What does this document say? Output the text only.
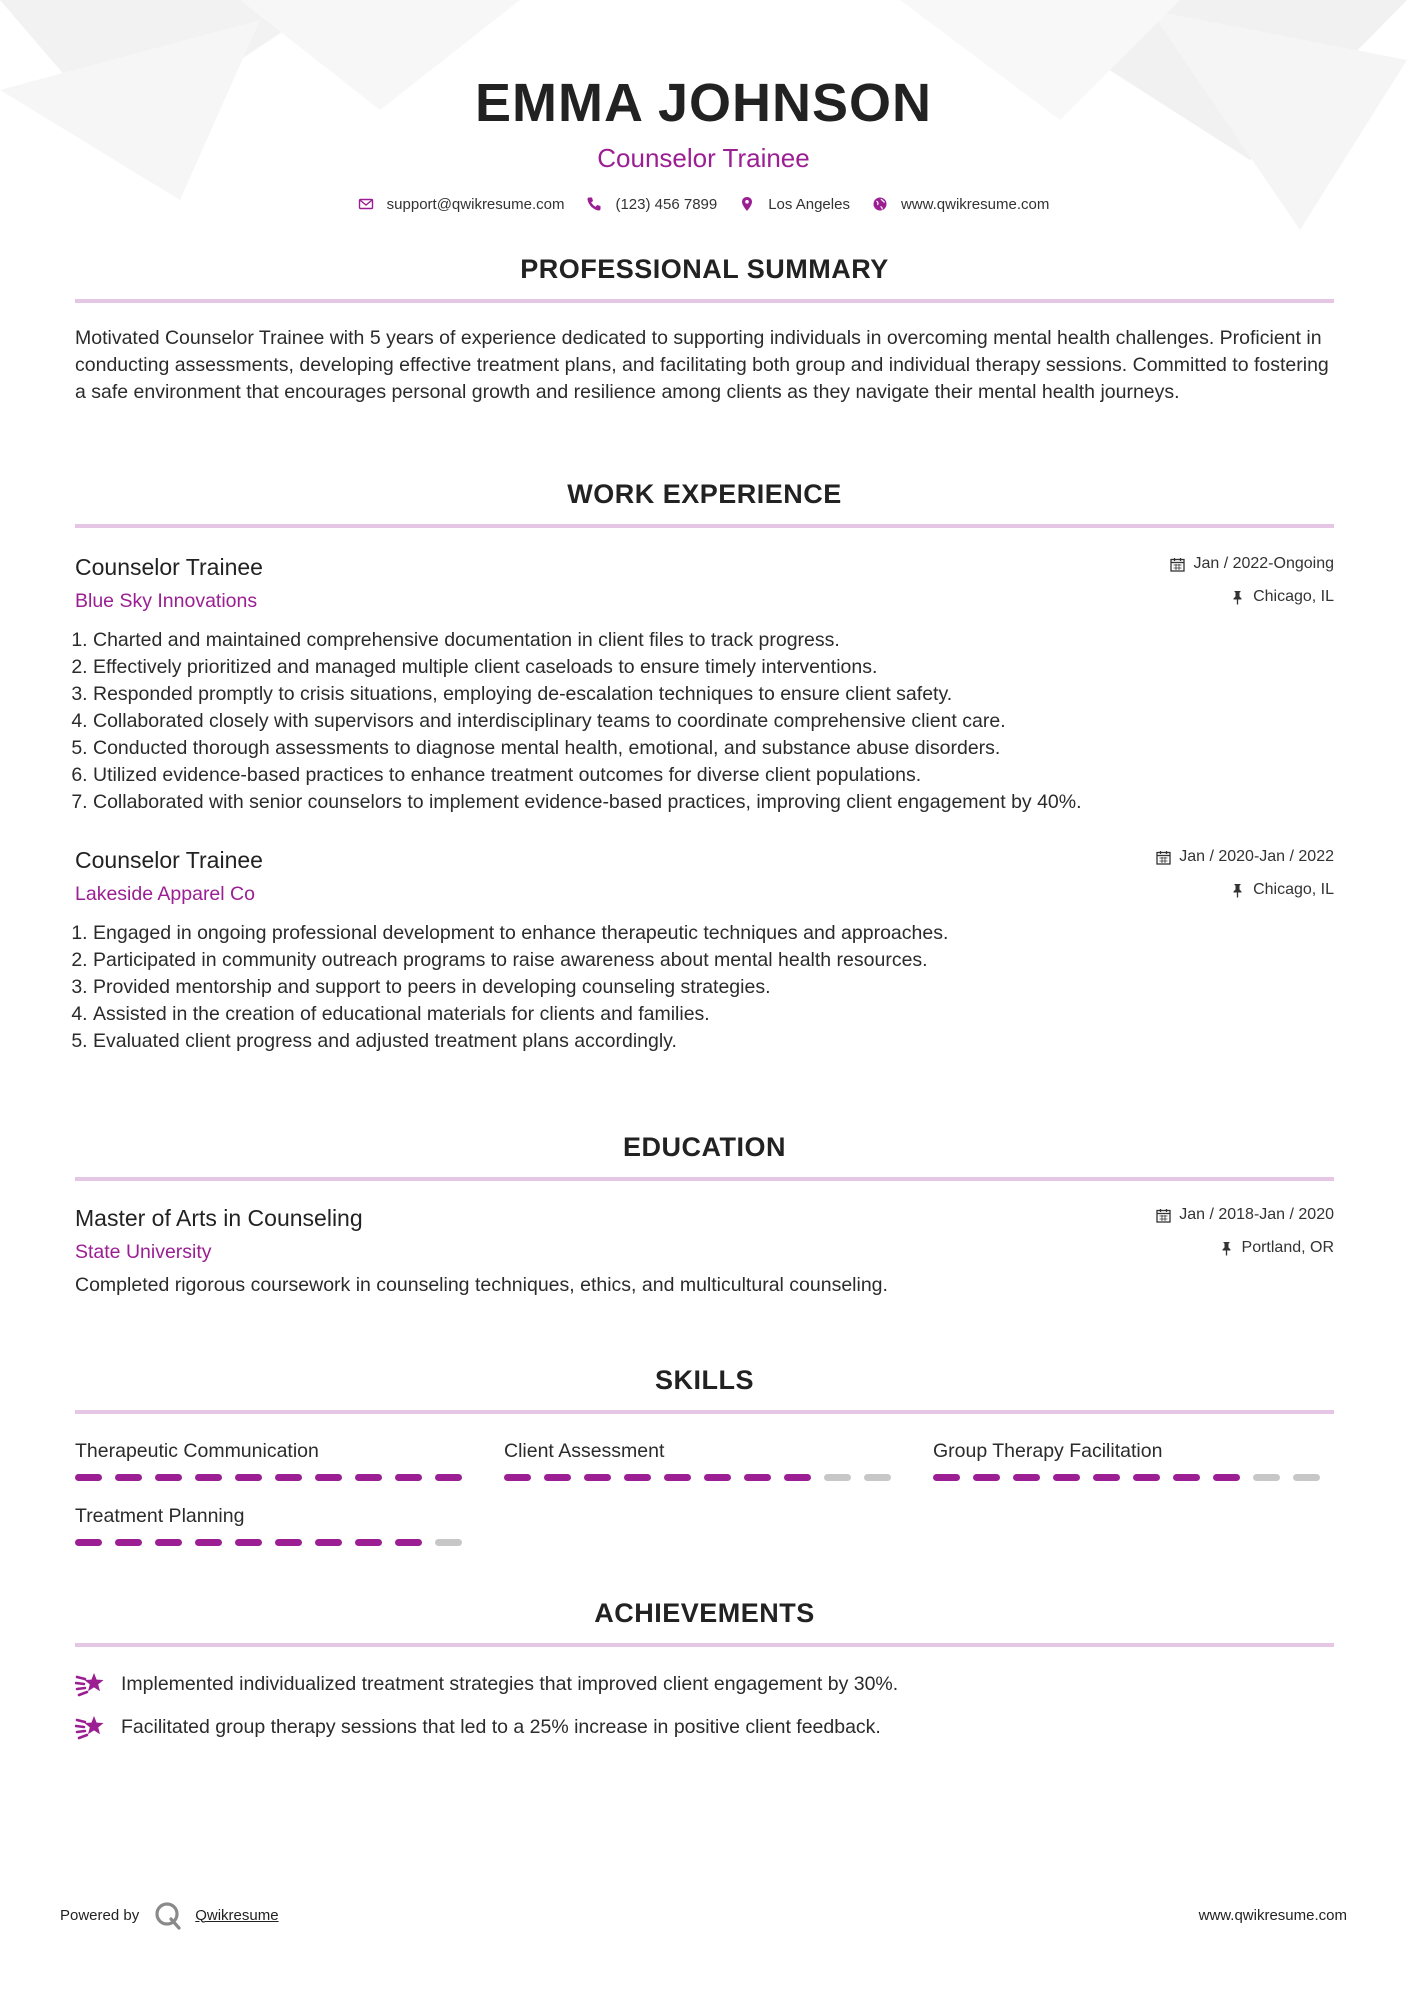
EMMA JOHNSON
Counselor Trainee
support@qwikresume.com	(123) 456 7899	Los Angeles	www.qwikresume.com
PROFESSIONAL SUMMARY

Motivated Counselor Trainee with 5 years of experience dedicated to supporting individuals in overcoming mental health challenges. Proficient in conducting assessments, developing effective treatment plans, and facilitating both group and individual therapy sessions. Committed to fostering a safe environment that encourages personal growth and resilience among clients as they navigate their mental health journeys.

WORK EXPERIENCE
Counselor Trainee
Blue Sky Innovations
Jan / 2022-Ongoing
Chicago, IL
1. Charted and maintained comprehensive documentation in client files to track progress.
2. Effectively prioritized and managed multiple client caseloads to ensure timely interventions.
3. Responded promptly to crisis situations, employing de-escalation techniques to ensure client safety.
4. Collaborated closely with supervisors and interdisciplinary teams to coordinate comprehensive client care.
5. Conducted thorough assessments to diagnose mental health, emotional, and substance abuse disorders.
6. Utilized evidence-based practices to enhance treatment outcomes for diverse client populations.
7. Collaborated with senior counselors to implement evidence-based practices, improving client engagement by 40%.
Counselor Trainee
Lakeside Apparel Co
Jan / 2020-Jan / 2022
Chicago, IL
1. Engaged in ongoing professional development to enhance therapeutic techniques and approaches.
2. Participated in community outreach programs to raise awareness about mental health resources.
3. Provided mentorship and support to peers in developing counseling strategies.
4. Assisted in the creation of educational materials for clients and families.
5. Evaluated client progress and adjusted treatment plans accordingly.
EDUCATION
Master of Arts in Counseling
State University
Jan / 2018-Jan / 2020
Portland, OR

Completed rigorous coursework in counseling techniques, ethics, and multicultural counseling.

SKILLS
Therapeutic Communication	Client Assessment	Group Therapy Facilitation
Treatment Planning
ACHIEVEMENTS
Implemented individualized treatment strategies that improved client engagement by 30%.
Facilitated group therapy sessions that led to a 25% increase in positive client feedback.
Powered by	Qwikresume	www.qwikresume.com
